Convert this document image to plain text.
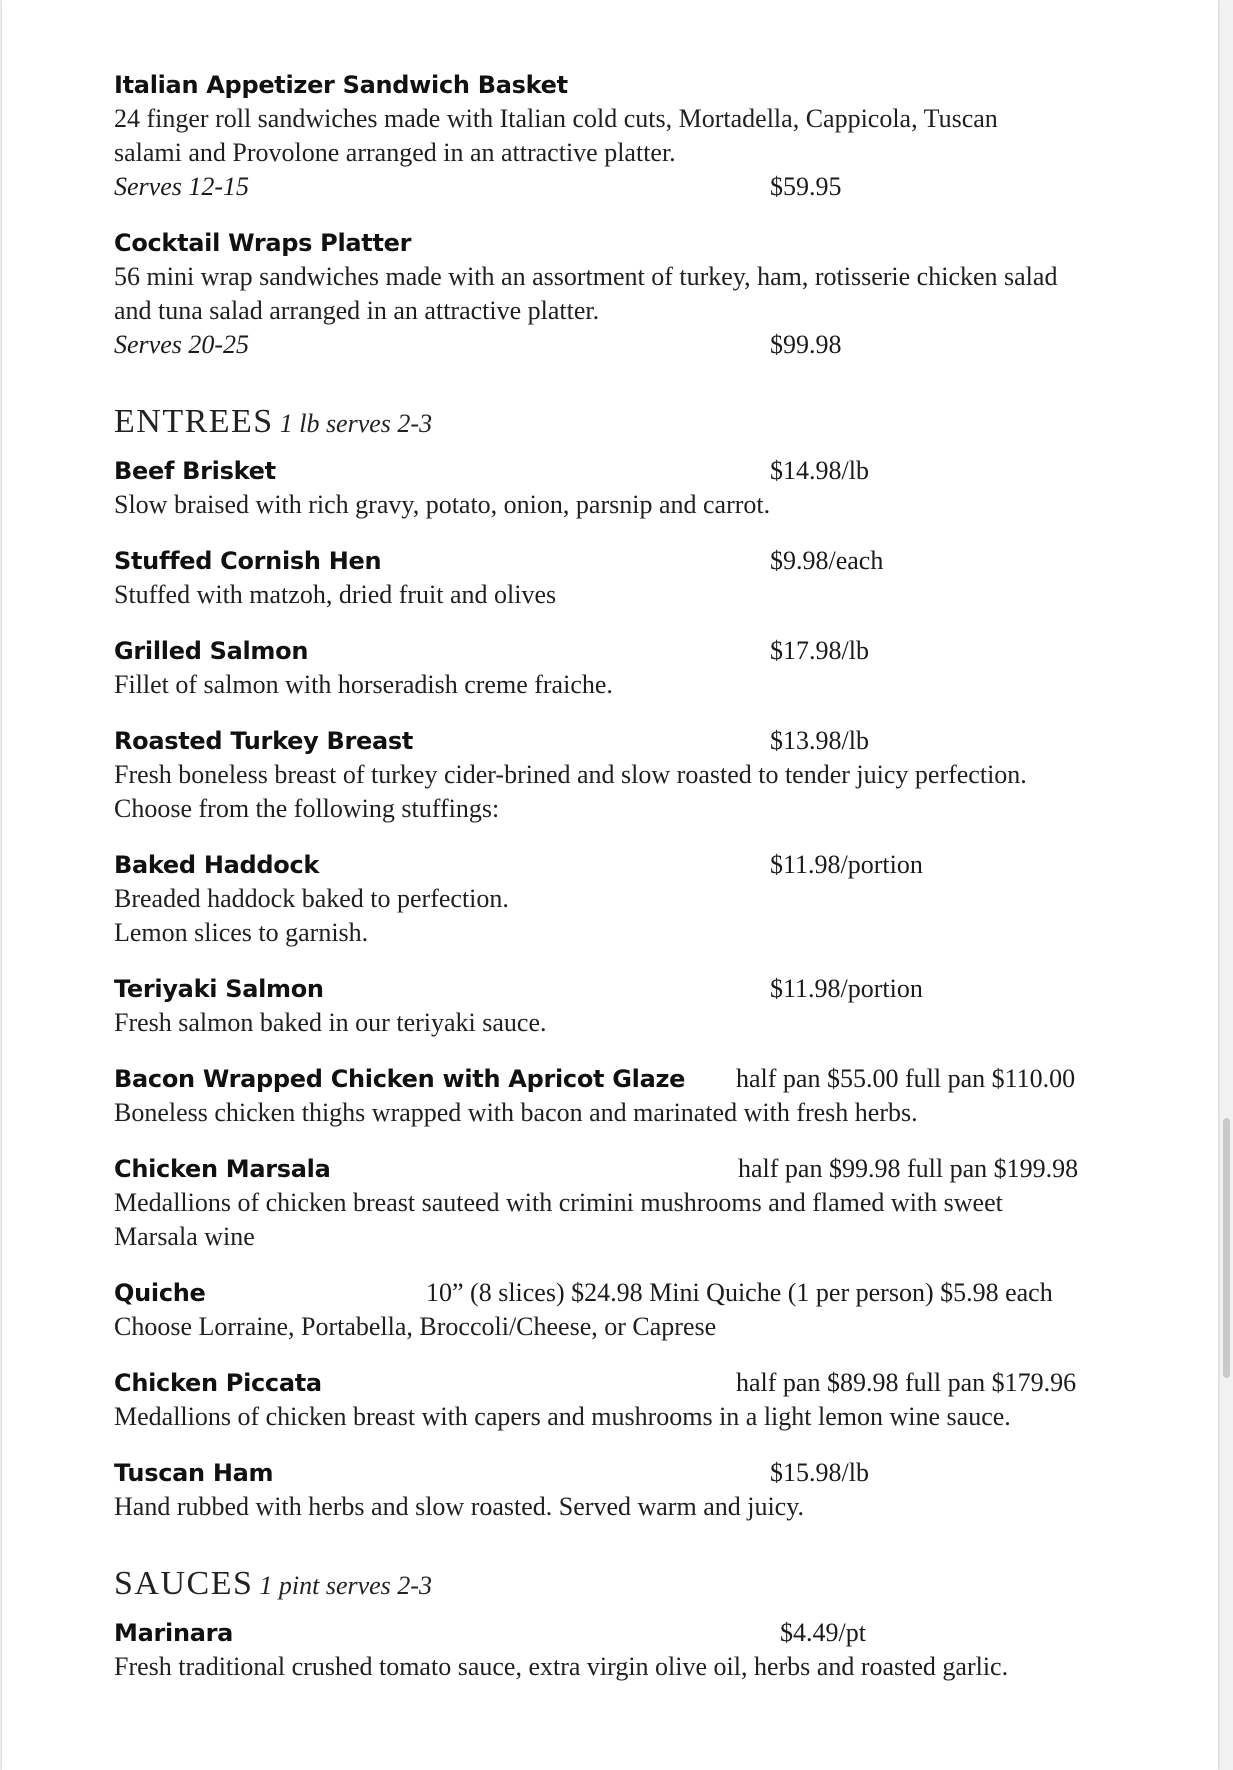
Italian Appetizer Sandwich Basket
24 finger roll sandwiches made with Italian cold cuts, Mortadella, Cappicola, Tuscan
salami and Provolone arranged in an attractive platter.
Serves 12-15	$59.95
Cocktail Wraps Platter
56 mini wrap sandwiches made with an assortment of turkey, ham, rotisserie chicken salad
and tuna salad arranged in an attractive platter.
Serves 20-25	$99.98
ENTREES 1 lb serves 2-3
Beef Brisket	$14.98/lb
Slow braised with rich gravy, potato, onion, parsnip and carrot.
Stuffed Cornish Hen	$9.98/each
Stuffed with matzoh, dried fruit and olives
Grilled Salmon	$17.98/lb
Fillet of salmon with horseradish creme fraiche.
Roasted Turkey Breast	$13.98/lb
Fresh boneless breast of turkey cider-brined and slow roasted to tender juicy perfection.
Choose from the following stuffings:
Baked Haddock	$11.98/portion
Breaded haddock baked to perfection.
Lemon slices to garnish.
Teriyaki Salmon	$11.98/portion
Fresh salmon baked in our teriyaki sauce.
Bacon Wrapped Chicken with Apricot Glaze half pan $55.00 full pan $110.00
Boneless chicken thighs wrapped with bacon and marinated with fresh herbs.
Chicken Marsala	half pan $99.98 full pan $199.98
Medallions of chicken breast sauteed with crimini mushrooms and flamed with sweet
Marsala wine
Quiche	10” (8 slices) $24.98 Mini Quiche (1 per person) $5.98 each
Choose Lorraine, Portabella, Broccoli/Cheese, or Caprese
Chicken Piccata	half pan $89.98 full pan $179.96
Medallions of chicken breast with capers and mushrooms in a light lemon wine sauce.
Tuscan Ham	$15.98/lb
Hand rubbed with herbs and slow roasted. Served warm and juicy.
SAUCES 1 pint serves 2-3
Marinara	$4.49/pt
Fresh traditional crushed tomato sauce, extra virgin olive oil, herbs and roasted garlic.
